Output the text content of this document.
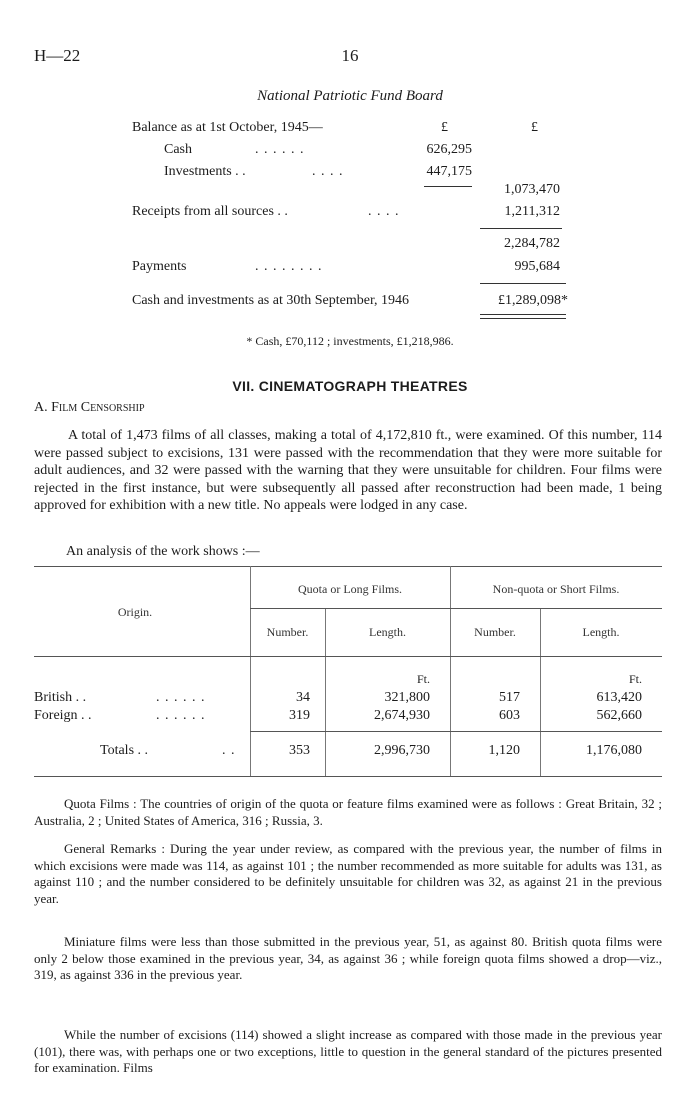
H—22	16
National Patriotic Fund Board
£	£
Balance as at 1st October, 1945—
Cash	. . . . . .	626,295
Investments . .	. . . .	447,175
1,073,470
Receipts from all sources . .	. . . .	1,211,312
2,284,782
Payments	. . . . . . . .	995,684
Cash and investments as at 30th September, 1946	£1,289,098*
* Cash, £70,112 ; investments, £1,218,986.
VII. CINEMATOGRAPH THEATRES
A. Film Censorship
A total of 1,473 films of all classes, making a total of 4,172,810 ft., were examined. Of this number, 114 were passed subject to excisions, 131 were passed with the recommendation that they were more suitable for adult audiences, and 32 were passed with the warning that they were unsuitable for children. Four films were rejected in the first instance, but were subsequently all passed after reconstruction had been made, 1 being approved for exhibition with a new title. No appeals were lodged in any case.
An analysis of the work shows :—
Origin.
Quota or Long Films.	Non-quota or Short Films.
Number.	Length.	Number.	Length.
Ft.	Ft.
British . .	. . . . . .	34	321,800	517	613,420
Foreign . .	. . . . . .	319	2,674,930	603	562,660
Totals . .	. .	353	2,996,730	1,120	1,176,080
Quota Films : The countries of origin of the quota or feature films examined were as follows : Great Britain, 32 ; Australia, 2 ; United States of America, 316 ; Russia, 3.
General Remarks : During the year under review, as compared with the previous year, the number of films in which excisions were made was 114, as against 101 ; the number recommended as more suitable for adults was 131, as against 110 ; and the number considered to be definitely unsuitable for children was 32, as against 21 in the previous year.
Miniature films were less than those submitted in the previous year, 51, as against 80. British quota films were only 2 below those examined in the previous year, 34, as against 36 ; while foreign quota films showed a drop—viz., 319, as against 336 in the previous year.
While the number of excisions (114) showed a slight increase as compared with those made in the previous year (101), there was, with perhaps one or two exceptions, little to question in the general standard of the pictures presented for examination. Films
